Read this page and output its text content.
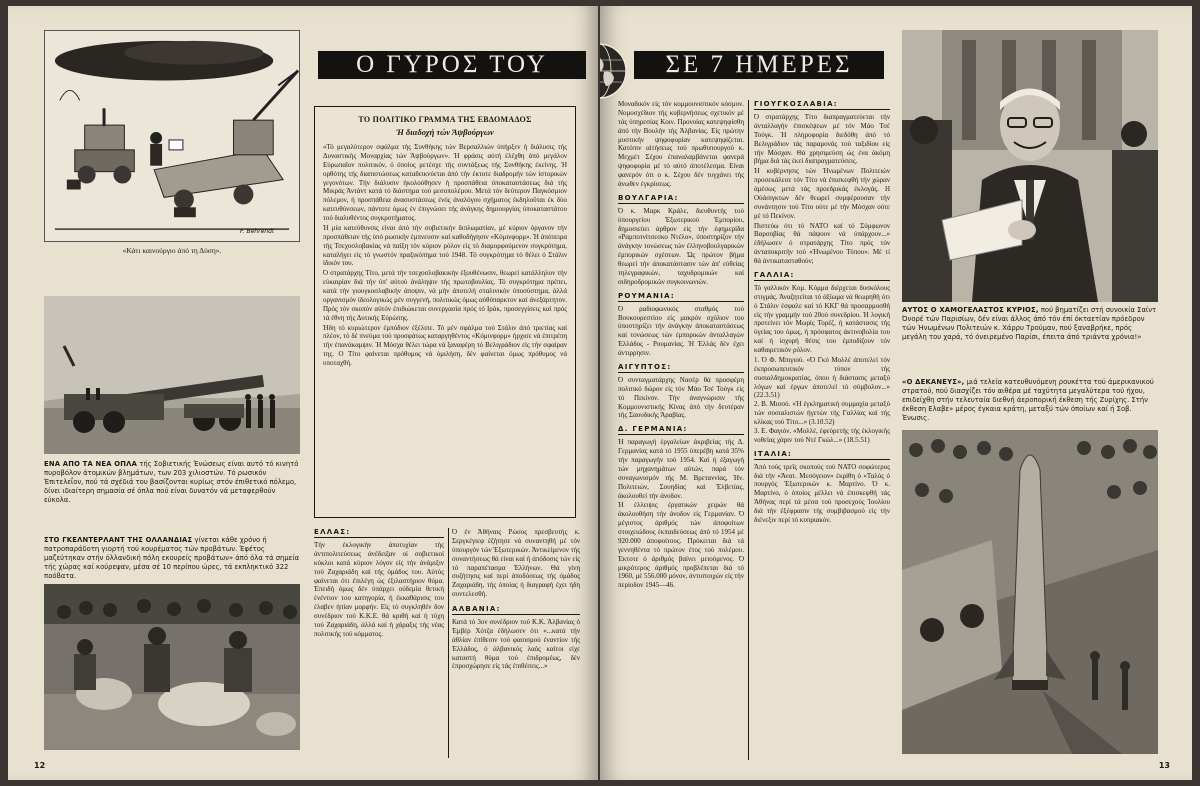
F. Behrendt
«Κάτι καινούργιο άπό τη Δύση».
ΕΝΑ ΑΠΟ ΤΑ ΝΕΑ ΟΠΛΑ τής Σοβιετικής Ένώσεως είναι αυτό τό κινητό πυροβόλον άτομικών βλημάτων, των 203 χιλιοστών. Τό ρωσικόν Έπιτελεΐον, πού τά σχέδιά του βασίζονται κυρίως στόν έπιθετικό πόλεμο, δίνει ιδιαίτερη σημασία σέ όπλα πού είναι δυνατόν νά μεταφερθούν εύκολα.
ΣΤΟ ΓΚΕΛΝΤΕΡΛΑΝΤ ΤΗΣ ΟΛΛΑΝΔΙΑΣ γίνεται κάθε χρόνο ή πατροπαράδοτη γιορτή τού κουρέματος τών προβάτων. Έφέτος μαζεύτηκαν στήν όλλανδική πόλη εκουρείς προβάτων» άπό όλα τά σημεία τής χώρας καί κούρεψαν, μέσα σέ 10 περίπου ώρες, τά εκπληκτικό 322 πρόβατα.
12
Ο ΓΥΡΟΣ ΤΟΥ
ΤΟ ΠΟΛΙΤΙΚΟ ΓΡΑΜΜΑ ΤΗΣ ΕΒΔΟΜΑΔΟΣ
Ή διαδοχή τών Άψβούργων

«Τό μεγαλύτερον σφάλμα τής Συνθήκης τών Βερσαλλιών ύπήρξεν ή διάλυσις τής Δυναστικής Μοναρχίας τών Άψβούργων». Ή φράσις αύτή έλέχθη άπό μεγάλον Εύρωπαΐον πολιτικόν, ό όποίος μετέσχε τής συντάξεως τής Συνθήκης έκείνης. Ή ορθότης τής διαπιστώσεως καταδεικνύεται άπό τήν έκτοτε διαδρομήν τών ίστορικών γεγονότων. Τήν διάλυσιν ήκολούθησεν ή προσπάθεια ύποκαταστάσεως διά τής Μικράς Άντάντ κατά τό διάστημα τού μεσοπολέμου. Μετά τόν δεύτερον Παγκόσμιον πόλεμον, ή προσπάθεια άνασυστάσεως ένός άναλόγου σχήματος έκδηλοΰται έκ δύο κατευθύνσεων, πάντοτε όμως έν έπιγνώσει τής άνάγκης δημιουργίας ύποκαταστάτου τού διαλυθέντος συγκροτήματος.

Ή μία κατεύθυνσις είναι άπό τήν σοβιετικήν διπλωματίαν, μέ κύριον όργανον τήν προσπάθειαν τής ύπό ρωσικήν έμπνευσιν καί καθοδήγησιν «Κόμινφορμ». Ή άπόπειρα τής Τσεχοσλοβακίας νά παίξη τόν κύριον ρόλον είς τό διαμορφούμενον συγκρότημα, καταλήγει είς τό γνωστόν πραξικόπημα τού 1948. Τό συγκρότημα τό θέλει ό Στάλιν ίδικόν του.

Ό στρατάρχης Τίτο, μετά τήν τσεχοσλοβακικήν έξουθένωσιν, θεωρεί κατάλληλον τήν εύκαιρίαν διά τήν ύπ' αύτού άνάληψιν τής πρωτοβουλίας. Τό συγκρότημα πρέπει, κατά τήν γιουγκοσλαβικήν άποψιν, νά μήν άποτελή σταλινικόν ύποσύστημα, άλλά οργανισμόν ίδεολογικώς μέν συγγενή, πολιτικώς όμως αύθύπαρκτον καί άνεξάρτητον. Πρός τόν σκοπόν αύτόν έπιδιώκεται συνεργασία πρός τό Ιράκ, προσεγγίσεις καί πρός τά έθνη τής Δυτικής Εύρώπης.

Ήδη τό κυριώτερον έμπόδιον έξέλιπε. Τό μέν σφάλμα τού Στάλιν άπό τριετίας καί πλέον, τό δέ πνεύμα τού προσφάτως καταργηθέντος «Κόμινφορμ» ήρχισε νά έπιτρέπη τήν έπανάκαμψιν. Ή Μόσχα θέλει τώρα νά ξαναφέρη τό Βελιγράδιον είς τήν σφαίραν της. Ο Τίτο φαίνεται πρόθυμος νά όμιλήση, δέν φαίνεται όμως πρόθυμος νά υποταχθή.

ΕΛΛΑΣ:

Τήν έκλογικήν άποτυχίαν τής άντιπολιτεύσεως άνέδειξαν οί σοβιετικοί κύκλοι κατά κύριον λόγον είς τήν άνάμιξιν τού Ζαχαριάδη καί τής όμάδος του. Αύτός φαίνεται ότι έπιλέγη ώς έξιλαστήριον θύμα. Έπειδή όμως δέν ύπάρχει ούδεμία θετική ένέντιον του κατηγορία, ή έκκαθάρισις του έλαβεν ήπίαν μορφήν. Είς τό συγκληθέν δον συνέδριον τού Κ.Κ.Ε. θά κριθή καί ή τύχη τού Ζαχαριάδη, άλλά καί ή χάραξις τής νέας πολιτικής τού κόμματος.

Ό έν Άθήναις Ρώσος πρεσβευτής κ. Σεργκέγιεφ έζήτησε νά συναντηθή μέ τόν ύπουργόν τών Έξωτερικών. Άντικείμενον τής συναντήσεως θά είναι καί ή άπόδοσις τών είς τό παραπέτασμα Έλλήνων. Θά γίνη συζήτησις καί περί άποδόσεως τής όμάδος Ζαχαριάδη, τής όποίας ή διαγραφή έχει ήδη συντελεσθή.

ΑΛΒΑΝΙΑ:

Κατά τό 3ον συνέδριον τού Κ.Κ. Άλβανίας ό Έμβέρ Χότζα έδήλωσεν ότι «...κατά τήν άθλίαν έπίθεσιν τού φασισμού έναντίον τής Έλλάδος, ό άλβανικός λαός καίτοι είχε καταστή θύμα τού έπιδρομέως, δέν έπροσχώρησε είς τάς έπιθέσεις...»

ΣΕ 7 ΗΜΕΡΕΣ

Μοναδικόν είς τόν κομμουνιστικόν κόσμον. Νομοσχέδιον τής κυβερνήσεως σχετικόν μέ τάς ύπηρεσίας Κοιν. Προνοίας κατεψηφίσθη άπό τήν Βουλήν τής Άλβανίας. Είς πρώτην μυστικήν ψηφοφορίαν κατεψηφίζεται. Κατόπιν αίτήσεως τού πρωθυπουργού κ. Μεχμέτ Σέχου έπαναλαμβάνεται φανερά ψηφοφορία μέ τό αύτό άποτέλεσμα. Είναι φανερόν ότι ο κ. Σέχου δέν τυγχάνει τής άνωθεν έγκρίσεως.

ΒΟΥΛΓΑΡΙΑ:

Ό κ. Μαρκ Κράλε, διευθυντής τού ύπουργείου Έξωτερικού Έμπορίου, δημοσιεύει άρθρον είς τήν έφημερίδα «Ραμποτνίτσεσκο Ντέλο», ύποστηρίζον τήν άνάγκην τονώσεως τών έλληνοβουλγαρικών έμπορικών σχέσεων. Ώς πρώτον βήμα θεωρεί τήν άποκατάστασιν τών άπ' εύθείας τηλεγραφικών, ταχυδρομικών καί σιδηροδρομικών συγκοινωνιών.

ΡΟΥΜΑΝΙΑ:

Ό ραδιοφωνικός σταθμός τού Βουκουρεστίου είς μακρόν σχόλιον του ύποστηρίζει τήν άνάγκην άποκαταστάσεως καί τονώσεως τών έμπορικών άνταλλαγών Έλλάδος - Ρουμανίας. Ή Έλλάς δέν έχει άντιρρησιν.

ΑΙΓΥΠΤΟΣ:

Ό συνταγματάρχης Νασέρ θά προσφέρη πολιτικό δώρον είς τόν Μάο Τσέ Τούγκ είς τό Πεκίνον. Τήν άναγνώρισιν τής Κομμουνιστικής Κίνας άπό τήν δευτέραν τής Σαουδικής Άραβίας.

Δ. ΓΕΡΜΑΝΙΑ:

Ή παραγωγή έργαλείων άκριβείας τής Δ. Γερμανίας κατά τό 1955 ύπερέβη κατά 35% τήν παραγωγήν τού 1954. Καί ή έξαγωγή τών μηχανημάτων αύτών, παρά τόν συναγωνισμόν τής Μ. Βρεταννίας, Ήν. Πολιτειών, Σουηδίας καί Έλβετίας, άκολουθεί τήν άνοδον.

Ή έλλειψις έργατικών χειρών θά άκολουθήση τήν άνοδον είς Γερμανίαν. Ό μέγιστος άριθμός τών άποφοίτων στοιχειώδους έκπαιδεύσεως άπό τό 1954 μέ 920.000 άποφοίτους. Πρόκειται διά τά γεννηθέντα τό πρώτον έτος τού πολέμου. Έκτοτε ό άριθμός βαίνει μειούμενος. Ό μικρότερος άριθμός προβλέπεται διά τό 1960, μέ 556.000 μόνον, άντιστοιχών είς τήν περίοδον 1945—46.

ΓΙΟΥΓΚΟΣΛΑΒΙΑ:

Ό στρατάρχης Τίτο διαπραγματεύεται τήν άνταλλαγήν έπισκέψεων μέ τόν Μάο Τσέ Τούγκ. Ή πληροφορία διεδόθη άπό τό Βελιγράδιον τάς παραμονάς τού ταξιδίου είς τήν Μόσχαν. Θά χρησιμεύση ώς ένα άκόμη βήμα διά τάς έκεί διαπραγματεύσεις.

Ή κυβέρνησις τών Ήνωμένων Πολιτειών προσεκάλεσε τόν Τίτο νά έπισκεφθή τήν χώραν άμέσως μετά τάς προεδρικάς έκλογάς. Η Ούάσιγκτων δέν θεωρεί συμφέρουσαν τήν συνάντησιν τού Τίτο ούτε μέ τήν Μόσχαν ούτε μέ τό Πεκίνον.

Πιστεύω ότι τό ΝΑΤΟ καί τό Σύμφωνον Βαρσοβίας θά πάψουν νά ύπάρχουν...» έδήλωσεν ό στρατάρχης Τίτο πρός τόν άνταποκριτήν τού «Ήνωμένου Τύπου». Μέ τί θά άντικατασταθούν;

ΓΑΛΛΙΑ:

Τό γαλλικόν Κομ. Κόμμα διέρχεται δυσκόλους στιγμάς. Άναζητείται τό άξίωμα νά θεωρηθή ότι ό Στάλιν έσφαλε καί τό ΚΚΓ θά προσαρμοσθή είς τήν γραμμήν τού 20ού συνεδρίου. Ή λογική προτείνει τόν Μωρίς Τορέζ, ή κατάστασις τής ύγείας του όμως, ή πρόσφατος άκτινοβολία του καί ή ίσχυρή θέσις του έμποδίζουν τόν καθαιρετικόν ρόλον.

1. Ό Φ. Μπιγιού. «Ό Γκύ Μολλέ άποτελεί τόν έκπροσωπευτικόν τύπον τής σοσιαλδημοκρατίας, όπου ή διάστασις μεταξύ λόγων καί έργων άποτελεί τό σύμβολον...» (22.3.51)
2. Β. Μισσό. «Ή έγκληματική συμμαχία μεταξύ τών σοσιαλιστών ήγετών τής Γαλλίας καί τής κλίκας τού Τίτο...» (3.10.52)
3. Ε. Φαγιόν. «Μολλέ, έφεύρετής τής έκλογικής νοθείας χάριν τού Ντέ Γκώλ...» (18.5.51)

ΙΤΑΛΙΑ:

Άπό τούς τρεΐς σκοπούς τού ΝΑΤΟ σοφώτερος διά τήν «Άνατ. Μεσόγειον» έκρίθη ό «Ταλός ό πουργός Έξωτερικών κ. Μαρτίνο. Ό κ. Μαρτίνο, ό όποίος μέλλει νά έπισκεφθή τάς Άθήνας περί τά μέσα τού προσεχούς Ίουλίου διά τήν έξέφρασιν τής συμβιβασμού είς τήν διένεξιν περί τό κυπριακόν.

ΑΥΤΟΣ Ο ΧΑΜΟΓΕΛΑΣΤΟΣ ΚΥΡΙΟΣ, πού βηματίζει στή συνοικία Σαίντ Όνορέ τών Παρισίων, δέν είναι άλλος άπό τόν έπί όκταετίαν πρόεδρον τών Ήνωμένων Πολιτειών κ. Χάρρυ Τρούμαν, πού ξαναβρήκε, πρός μεγάλη του χαρά, τό όνειρεμένο Παρίσι, έπειτα άπό τριάντα χρόνια!»
«Ο ΔΕΚΑΝΕΥΣ», μιά τελεία κατευθυνόμενη ρουκέττα τού άμερικανικού στρατού, πού διασχίζει τόν αιθέρα μέ ταχύτητα μεγαλύτερα τού ήχου, επιδείχθη στήν τελευταία διεθνή άεροπορική έκθεση τής Ζυρίχης. Στήν έκθεση Ελαβε» μέρος έγκαια κράτη, μεταξύ τών όποίων καί ή Σοβ. Ένωσις.
13
